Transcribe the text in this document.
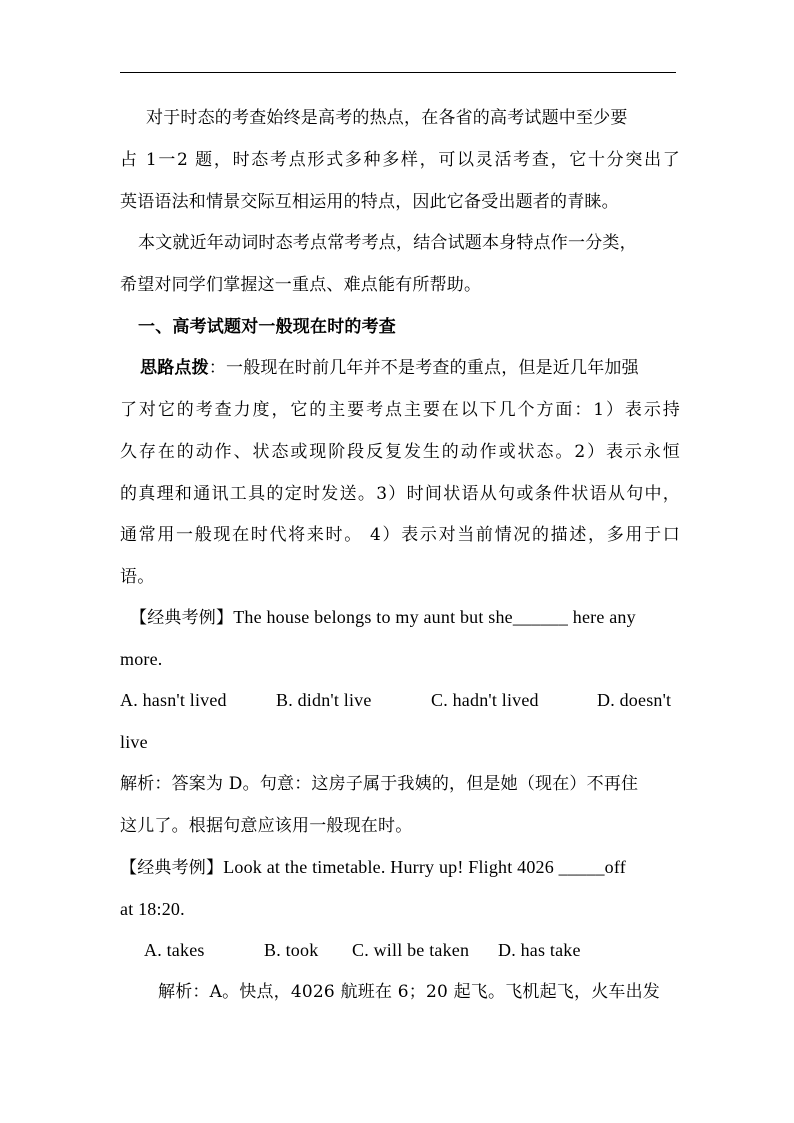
对于时态的考查始终是高考的热点，在各省的高考试题中至少要
占 1一2 题，时态考点形式多种多样，可以灵活考查，它十分突出了
英语语法和情景交际互相运用的特点，因此它备受出题者的青睐。
本文就近年动词时态考点常考考点，结合试题本身特点作一分类，
希望对同学们掌握这一重点、难点能有所帮助。
一、高考试题对一般现在时的考查
思路点拨：一般现在时前几年并不是考查的重点，但是近几年加强
了对它的考查力度，它的主要考点主要在以下几个方面：1）表示持
久存在的动作、状态或现阶段反复发生的动作或状态。2）表示永恒
的真理和通讯工具的定时发送。3）时间状语从句或条件状语从句中，
通常用一般现在时代将来时。 4）表示对当前情况的描述，多用于口
语。
【经典考例】The house belongs to my aunt but she______ here any
more.
A. hasn't lived	B. didn't live	C. hadn't lived	D. doesn't
live
解析：答案为 D。句意：这房子属于我姨的，但是她（现在）不再住
这儿了。根据句意应该用一般现在时。
【经典考例】Look at the timetable. Hurry up! Flight 4026 _____off
at 18:20.
A. takes	B. took C. will be taken D. has take
解析：A。快点，4026 航班在 6；20 起飞。飞机起飞，火车出发
